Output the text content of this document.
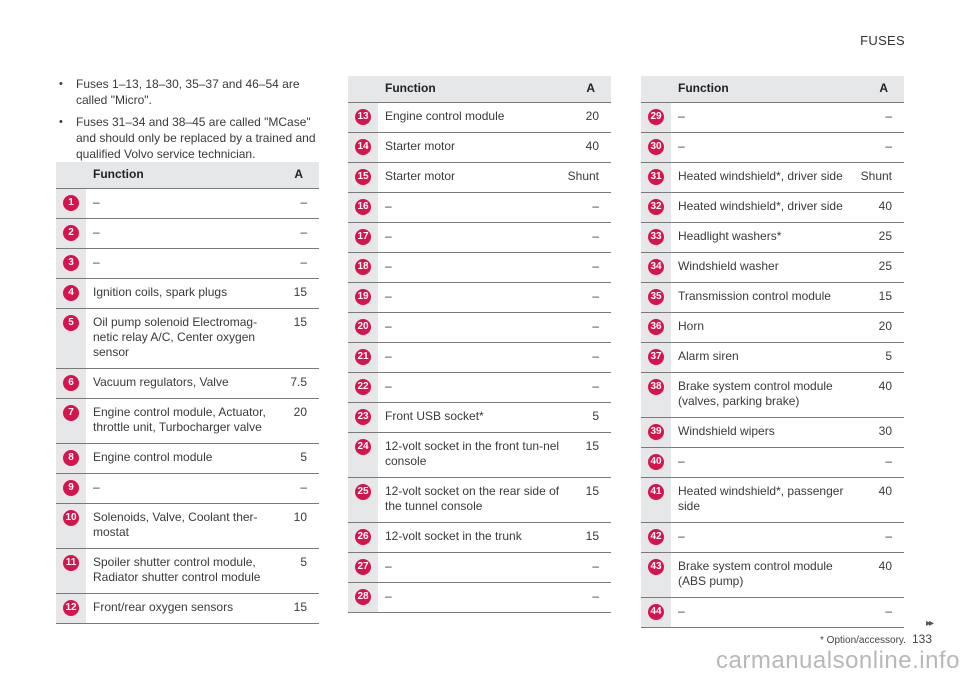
FUSES

• Fuses 1–13, 18–30, 35–37 and 46–54 are called "Micro".

• Fuses 31–34 and 38–45 are called "MCase" and should only be replaced by a trained and qualified Volvo service technician.

	Function	A
1	–	–
2	–	–
3	–	–
4	Ignition coils, spark plugs	15
5	Oil pump solenoid Electromag-netic relay A/C, Center oxygen sensor	15
6	Vacuum regulators, Valve	7.5
7	Engine control module, Actuator, throttle unit, Turbocharger valve	20
8	Engine control module	5
9	–	–
10	Solenoids, Valve, Coolant ther-mostat	10
11	Spoiler shutter control module, Radiator shutter control module	5
12	Front/rear oxygen sensors	15
	Function	A
13	Engine control module	20
14	Starter motor	40
15	Starter motor	Shunt
16	–	–
17	–	–
18	–	–
19	–	–
20	–	–
21	–	–
22	–	–
23	Front USB socket*	5
24	12-volt socket in the front tun-nel console	15
25	12-volt socket on the rear side of the tunnel console	15
26	12-volt socket in the trunk	15
27	–	–
28	–	–
	Function	A
29	–	–
30	–	–
31	Heated windshield*, driver side	Shunt
32	Heated windshield*, driver side	40
33	Headlight washers*	25
34	Windshield washer	25
35	Transmission control module	15
36	Horn	20
37	Alarm siren	5
38	Brake system control module (valves, parking brake)	40
39	Windshield wipers	30
40	–	–
41	Heated windshield*, passenger side	40
42	–	–
43	Brake system control module (ABS pump)	40
44	–	–
▸▸
* Option/accessory. 133
carmanualsonline.info
